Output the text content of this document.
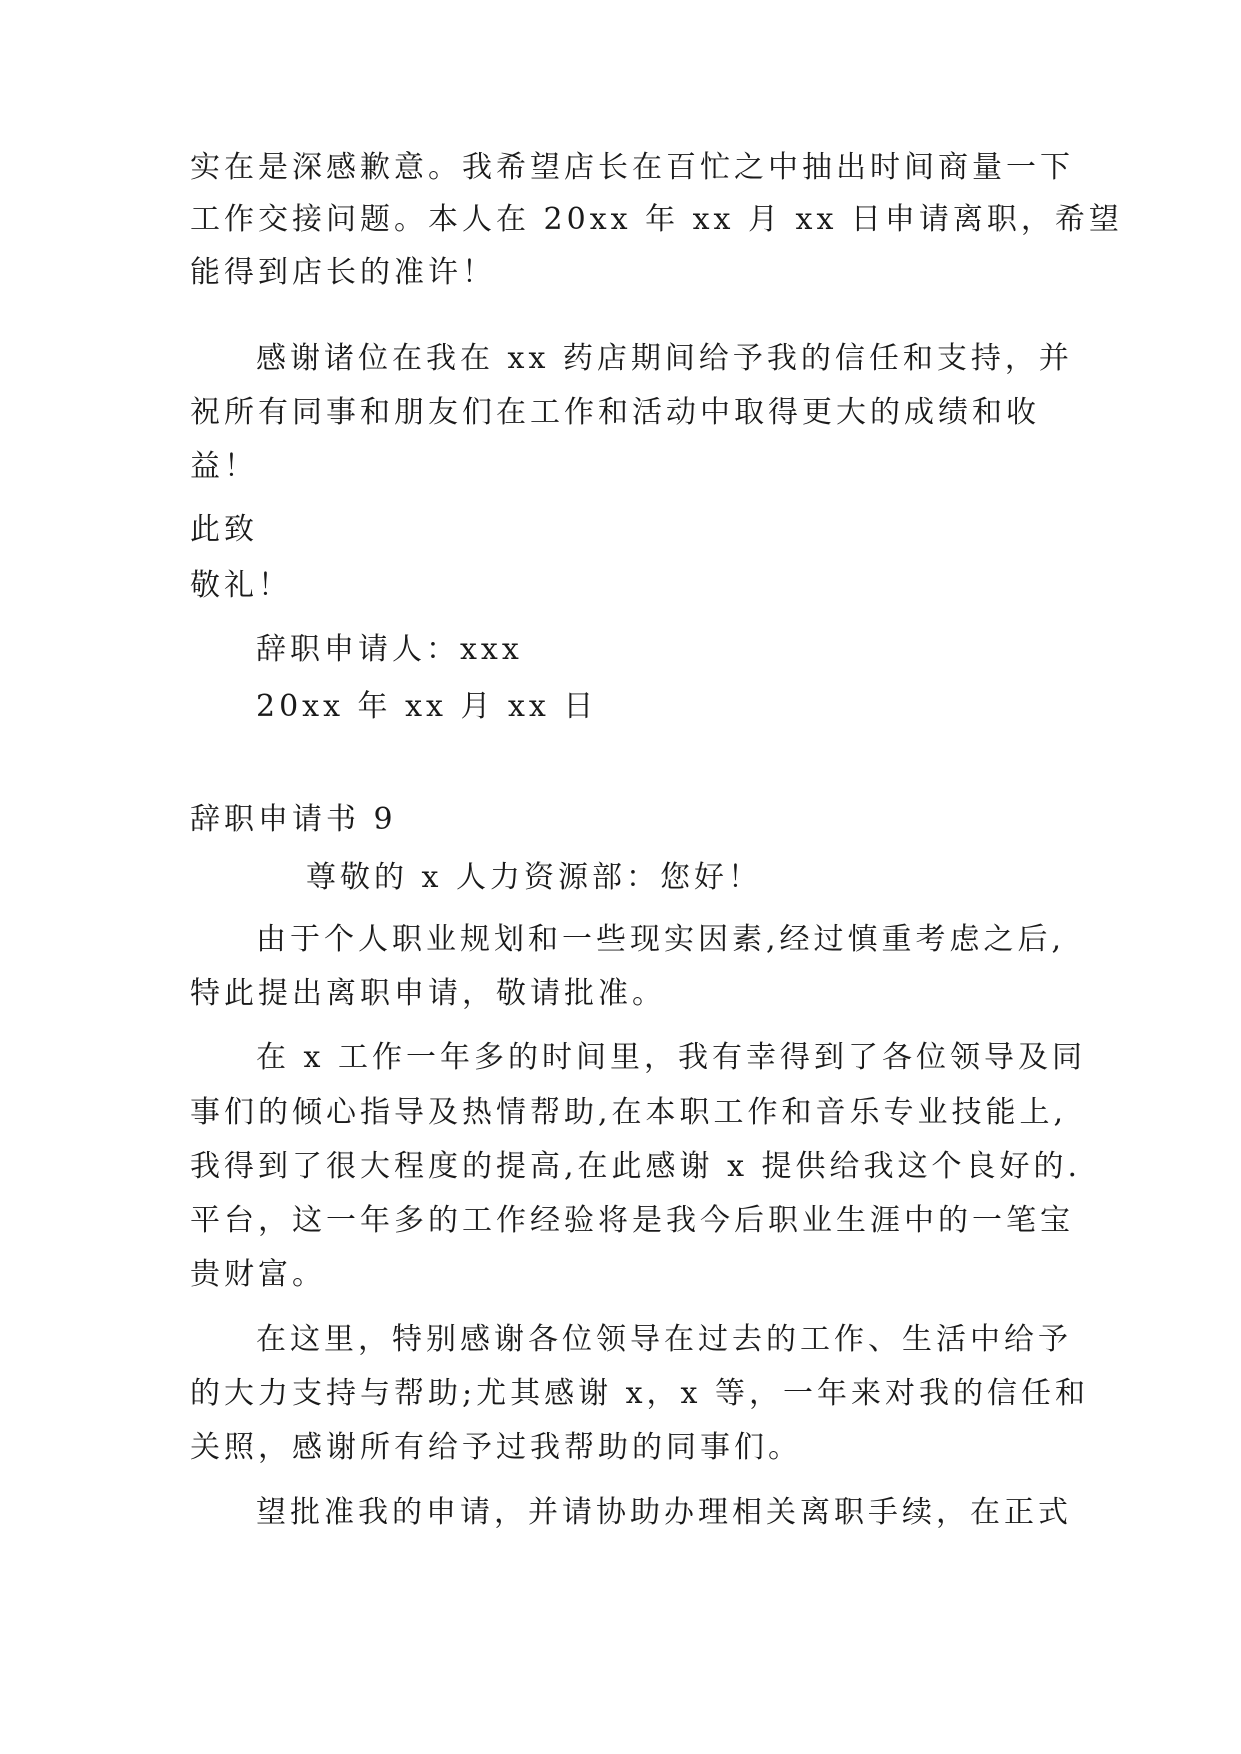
实在是深感歉意。我希望店长在百忙之中抽出时间商量一下
工作交接问题。本人在 20xx 年 xx 月 xx 日申请离职，希望
能得到店长的准许！
感谢诸位在我在 xx 药店期间给予我的信任和支持，并
祝所有同事和朋友们在工作和活动中取得更大的成绩和收
益！
此致
敬礼！
辞职申请人：xxx
20xx 年 xx 月 xx 日
辞职申请书 9
尊敬的 x 人力资源部：您好！
由于个人职业规划和一些现实因素,经过慎重考虑之后,
特此提出离职申请，敬请批准。
在 x 工作一年多的时间里，我有幸得到了各位领导及同
事们的倾心指导及热情帮助,在本职工作和音乐专业技能上,
我得到了很大程度的提高,在此感谢 x 提供给我这个良好的.
平台，这一年多的工作经验将是我今后职业生涯中的一笔宝
贵财富。
在这里，特别感谢各位领导在过去的工作、生活中给予
的大力支持与帮助;尤其感谢 x，x 等，一年来对我的信任和
关照，感谢所有给予过我帮助的同事们。
望批准我的申请，并请协助办理相关离职手续，在正式
